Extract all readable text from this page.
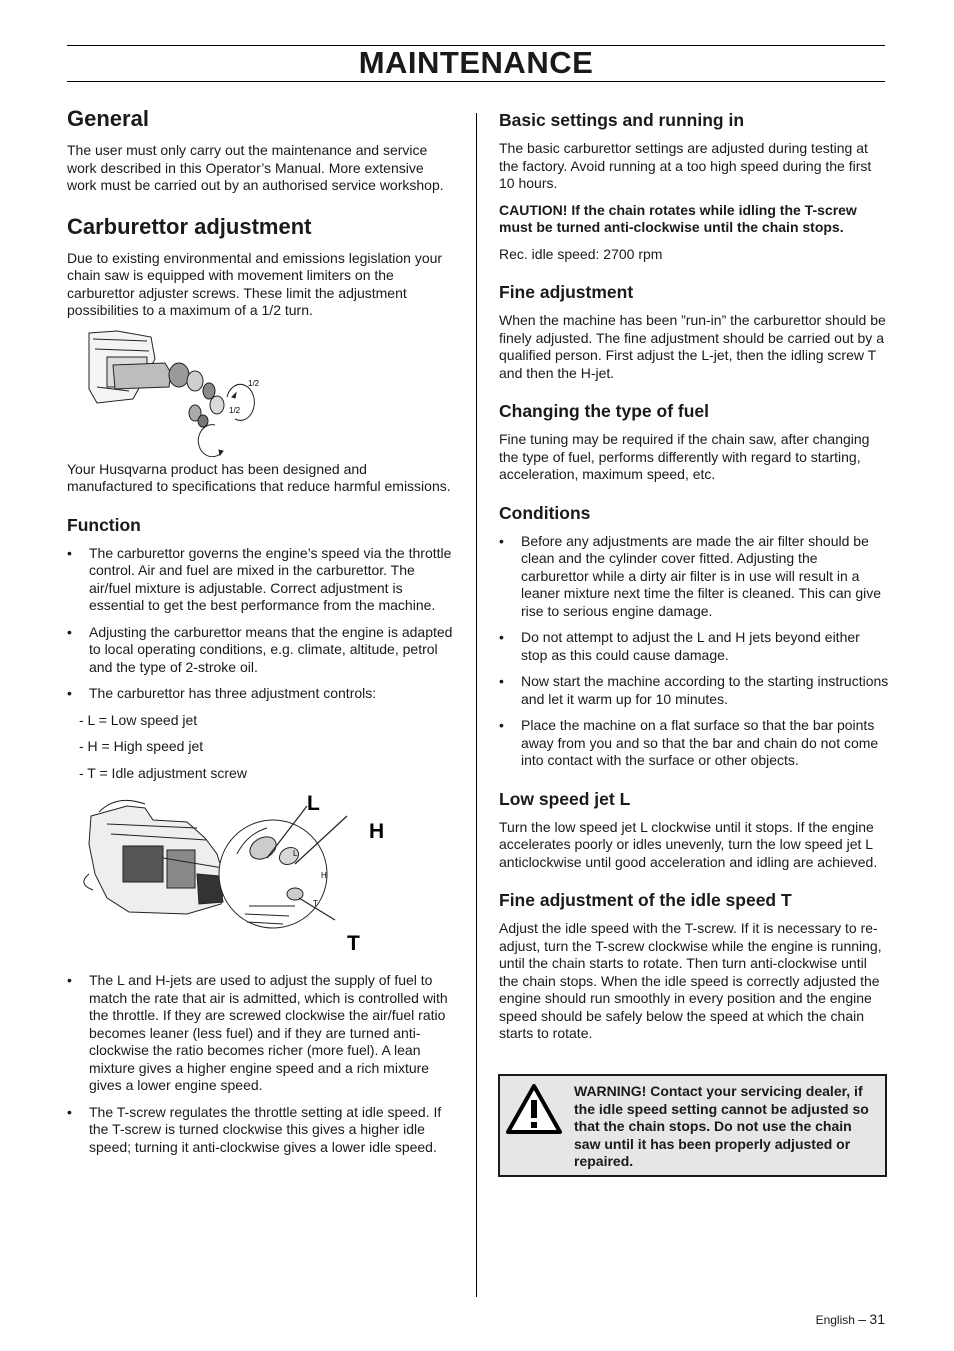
MAINTENANCE
General

The user must only carry out the maintenance and service work described in this Operator’s Manual. More extensive work must be carried out by an authorised service workshop.

Carburettor adjustment

Due to existing environmental and emissions legislation your chain saw is equipped with movement limiters on the carburettor adjuster screws. These limit the adjustment possibilities to a maximum of a 1/2 turn.

1/2
1/2

Your Husqvarna product has been designed and manufactured to specifications that reduce harmful emissions.

Function
• The carburettor governs the engine’s speed via the throttle control. Air and fuel are mixed in the carburettor. The air/fuel mixture is adjustable. Correct adjustment is essential to get the best performance from the machine.
• Adjusting the carburettor means that the engine is adapted to local operating conditions, e.g. climate, altitude, petrol and the type of 2-stroke oil.
• The carburettor has three adjustment controls:

- L = Low speed jet

- H = High speed jet

- T = Idle adjustment screw

L
H
T
L
H
T
• The L and H-jets are used to adjust the supply of fuel to match the rate that air is admitted, which is controlled with the throttle. If they are screwed clockwise the air/fuel ratio becomes leaner (less fuel) and if they are turned anti-clockwise the ratio becomes richer (more fuel). A lean mixture gives a higher engine speed and a rich mixture gives a lower engine speed.
• The T-screw regulates the throttle setting at idle speed. If the T-screw is turned clockwise this gives a higher idle speed; turning it anti-clockwise gives a lower idle speed.
Basic settings and running in

The basic carburettor settings are adjusted during testing at the factory. Avoid running at a too high speed during the first 10 hours.

CAUTION! If the chain rotates while idling the T-screw must be turned anti-clockwise until the chain stops.

Rec. idle speed: 2700 rpm

Fine adjustment

When the machine has been ”run-in” the carburettor should be finely adjusted. The fine adjustment should be carried out by a qualified person. First adjust the L-jet, then the idling screw T and then the H-jet.

Changing the type of fuel

Fine tuning may be required if the chain saw, after changing the type of fuel, performs differently with regard to starting, acceleration, maximum speed, etc.

Conditions
• Before any adjustments are made the air filter should be clean and the cylinder cover fitted. Adjusting the carburettor while a dirty air filter is in use will result in a leaner mixture next time the filter is cleaned. This can give rise to serious engine damage.
• Do not attempt to adjust the L and H jets beyond either stop as this could cause damage.
• Now start the machine according to the starting instructions and let it warm up for 10 minutes.
• Place the machine on a flat surface so that the bar points away from you and so that the bar and chain do not come into contact with the surface or other objects.
Low speed jet L

Turn the low speed jet L clockwise until it stops. If the engine accelerates poorly or idles unevenly, turn the low speed jet L anticlockwise until good acceleration and idling are achieved.

Fine adjustment of the idle speed T

Adjust the idle speed with the T-screw. If it is necessary to re-adjust, turn the T-screw clockwise while the engine is running, until the chain starts to rotate. Then turn anti-clockwise until the chain stops. When the idle speed is correctly adjusted the engine should run smoothly in every position and the engine speed should be safely below the speed at which the chain starts to rotate.

WARNING! Contact your servicing dealer, if the idle speed setting cannot be adjusted so that the chain stops. Do not use the chain saw until it has been properly adjusted or repaired.
English – 31
